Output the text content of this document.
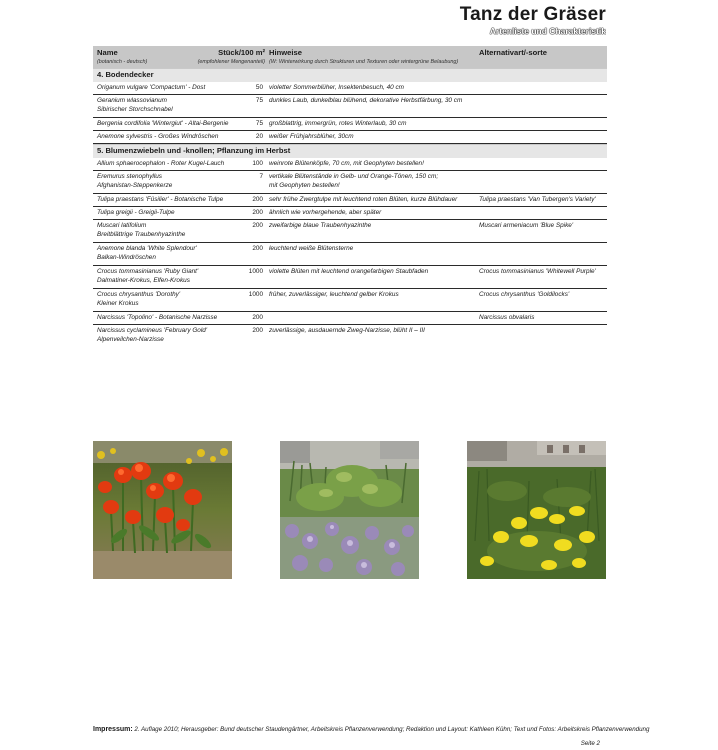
Tanz der Gräser
Artenliste und Charakteristik
Name
(botanisch - deutsch)
Stück/100 m²
(empfohlener Mengenanteil)
Hinweise
(W: Winterwirkung durch Strukturen und Texturen oder wintergrüne Belaubung)
Alternativart/-sorte
4. Bodendecker
Origanum vulgare 'Compactum' - Dost	50 violetter Sommerblüher, Insektenbesuch, 40 cm
Geranium wlassovianum
Sibirischer Storchschnabel
75 dunkles Laub, dunkelblau blühend, dekorative Herbstfärbung, 30 cm
Bergenia cordifolia 'Wintergiut' - Altai-Bergenie	75 großblattrig, immergrün, rotes Winterlaub, 30 cm
Anemone sylvestris - Großes Windröschen	20 weißer Frühjahrsblüher, 30cm
5. Blumenzwiebeln und -knollen; Pflanzung im Herbst
Allium sphaerocephalon - Roter Kugel-Lauch	100 weinrote Blütenköpfe, 70 cm, mit Geophyten bestellen!
Eremurus stenophyllus
Afghanistan-Steppenkerze
7 vertikale Blütenstände in Gelb- und Orange-Tönen, 150 cm;
mit Geophyten bestellen!
Tulipa praestans 'Füsilier' - Botanische Tulpe	200 sehr frühe Zwergtulpe mit leuchtend roten Blüten, kurze Blühdauer	Tulipa praestans 'Van Tubergen's Variety'
Tulipa greigii - Greigii-Tulpe	200 ähnlich wie vorhergehende, aber später
Muscari latifolium
Breitblättrige Traubenhyazinthe
200 zweifarbige blaue Traubenhyazinthe	Muscari armeniacum 'Blue Spike'
Anemone blanda 'White Splendour'
Balkan-Windröschen
200 leuchtend weiße Blütensterne
Crocus tommasinianus 'Ruby Giant'
Dalmatiner-Krokus, Elfen-Krokus
1000 violette Blüten mit leuchtend orangefarbigen Staubfaden	Crocus tommasinianus 'Whitewell Purple'
Crocus chrysanthus 'Dorothy'
Kleiner Krokus
1000 früher, zuverlässiger, leuchtend gelber Krokus	Crocus chrysanthus 'Goldilocks'
Narcissus 'Topolino' - Botanische Narzisse	200	Narcissus obvalaris
Narcissus cyclamineus 'February Gold'
Alpenveilchen-Narzisse
200 zuverlässige, ausdauernde Zweg-Narzisse, blüht II – III
Impressum: 2. Auflage 2010; Herausgeber: Bund deutscher Staudengärtner, Arbeitskreis Pflanzenverwendung; Redaktion und Layout: Kathleen Kühn; Text und Fotos: Arbeitskreis Pflanzenverwendung
Seite 2
